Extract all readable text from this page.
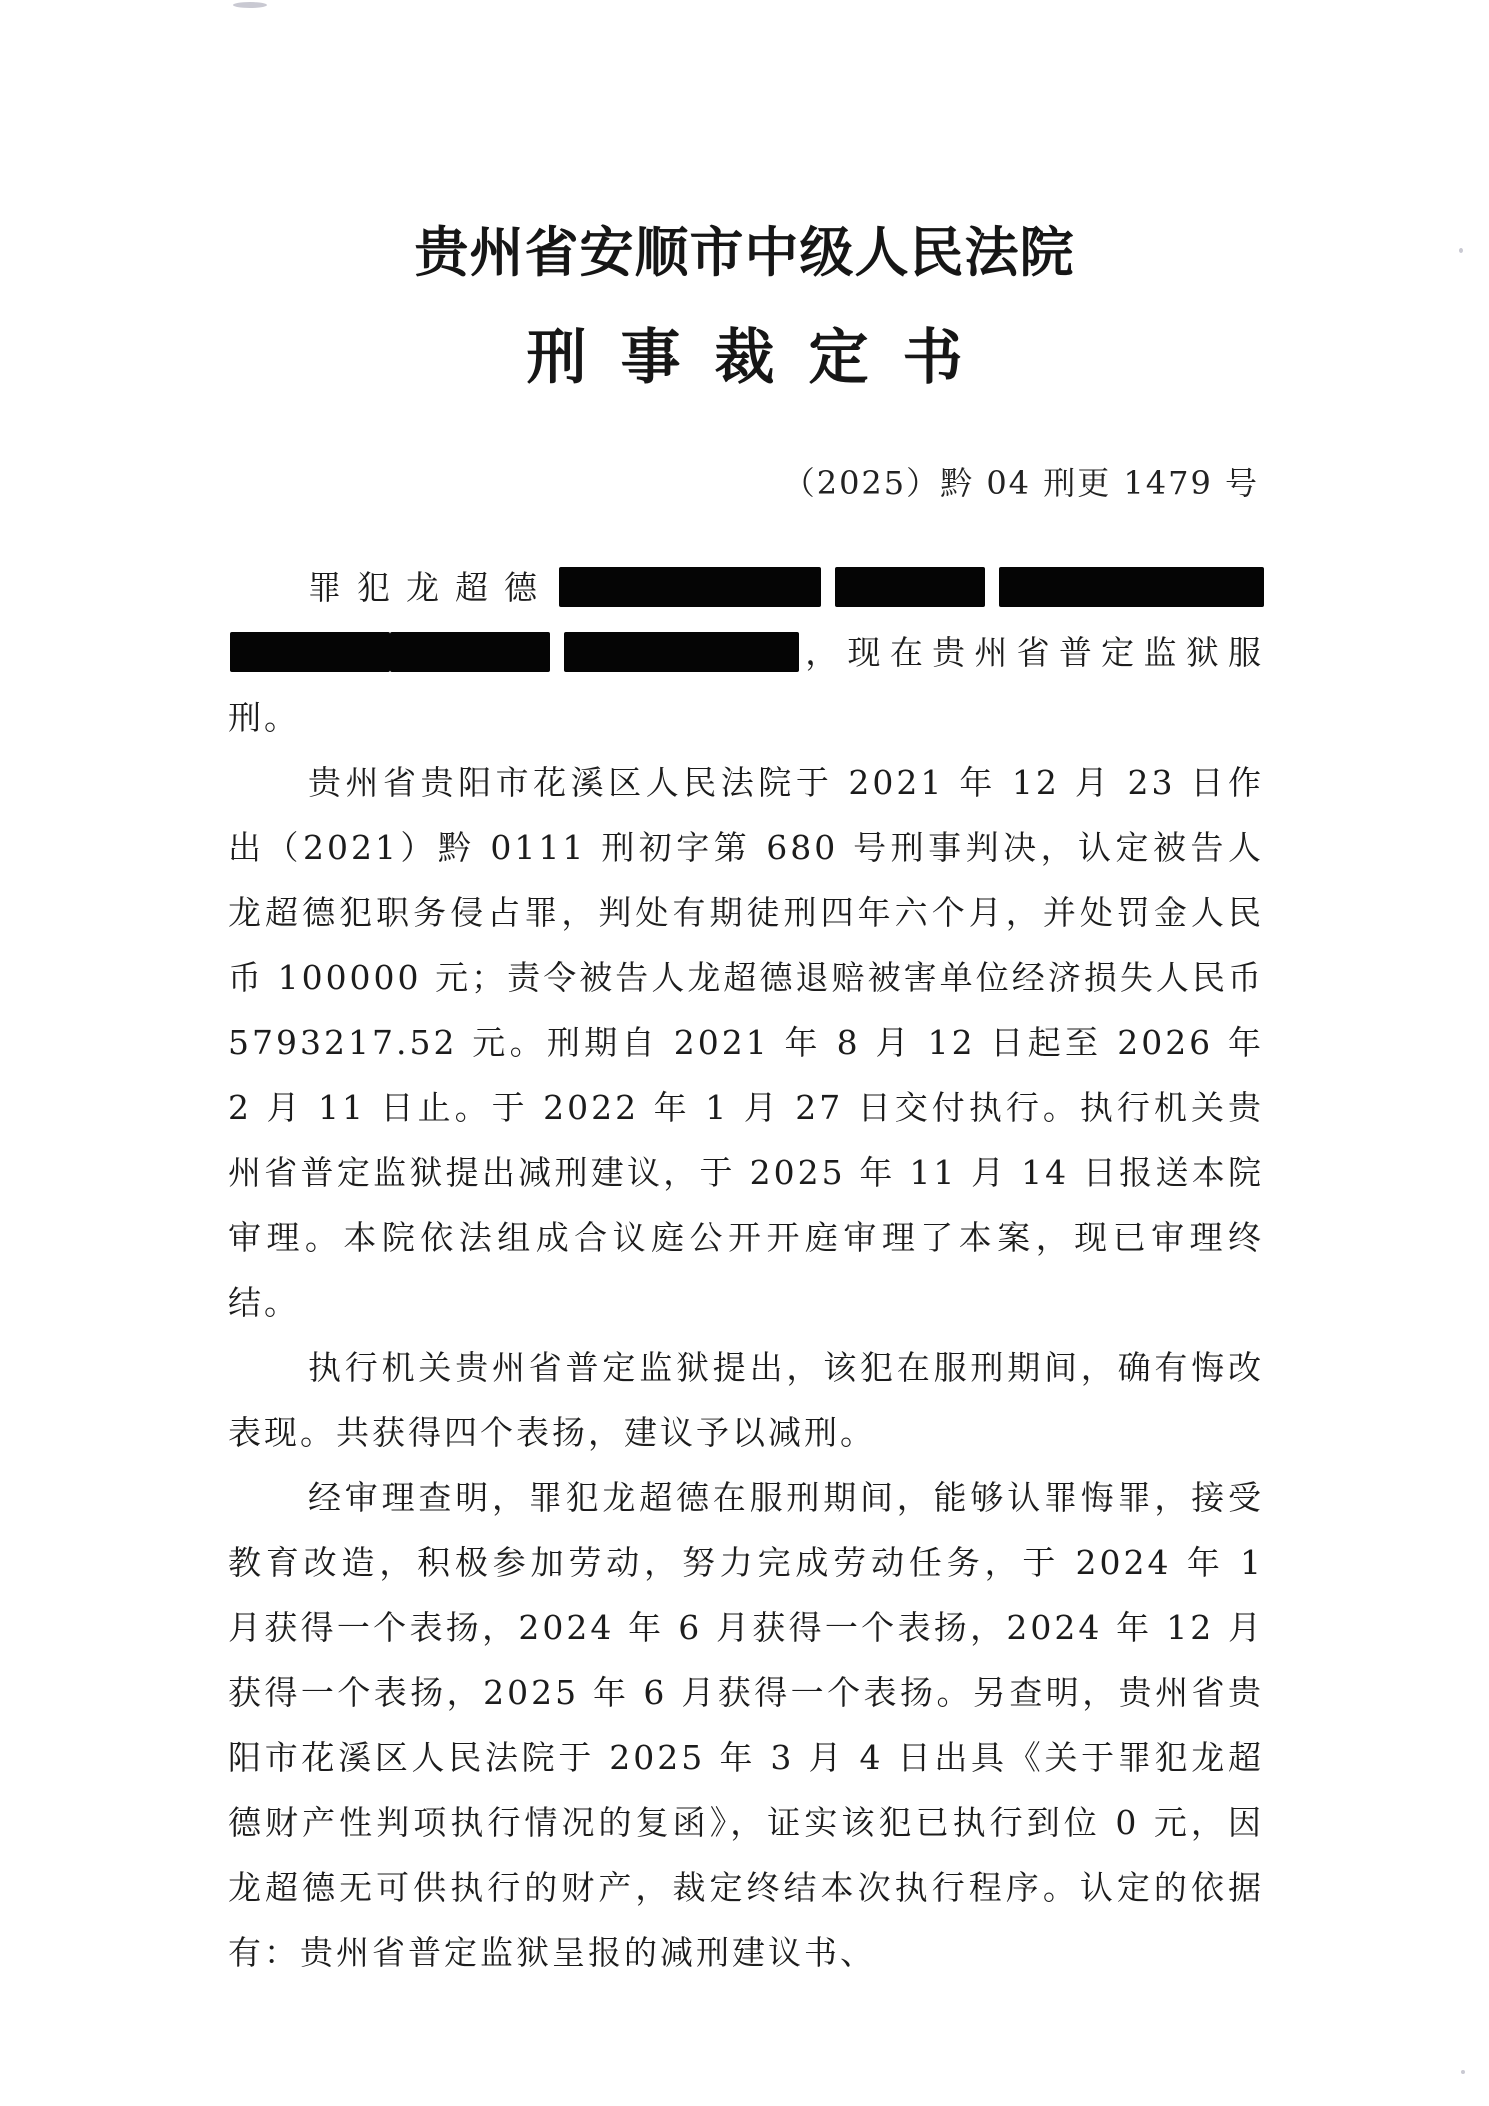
贵州省安顺市中级人民法院
刑事裁定书
（2025）黔 04 刑更 1479 号

罪犯龙超德，现在贵州省普定监狱服刑。

贵州省贵阳市花溪区人民法院于 2021 年 12 月 23 日作出（2021）黔 0111 刑初字第 680 号刑事判决，认定被告人龙超德犯职务侵占罪，判处有期徒刑四年六个月，并处罚金人民币 100000 元；责令被告人龙超德退赔被害单位经济损失人民币 5793217.52 元。刑期自 2021 年 8 月 12 日起至 2026 年 2 月 11 日止。于 2022 年 1 月 27 日交付执行。执行机关贵州省普定监狱提出减刑建议，于 2025 年 11 月 14 日报送本院审理。本院依法组成合议庭公开开庭审理了本案，现已审理终结。

执行机关贵州省普定监狱提出，该犯在服刑期间，确有悔改表现。共获得四个表扬，建议予以减刑。

经审理查明，罪犯龙超德在服刑期间，能够认罪悔罪，接受教育改造，积极参加劳动，努力完成劳动任务，于 2024 年 1 月获得一个表扬，2024 年 6 月获得一个表扬，2024 年 12 月获得一个表扬，2025 年 6 月获得一个表扬。另查明，贵州省贵阳市花溪区人民法院于 2025 年 3 月 4 日出具《关于罪犯龙超德财产性判项执行情况的复函》，证实该犯已执行到位 0 元，因龙超德无可供执行的财产，裁定终结本次执行程序。认定的依据有：贵州省普定监狱呈报的减刑建议书、
